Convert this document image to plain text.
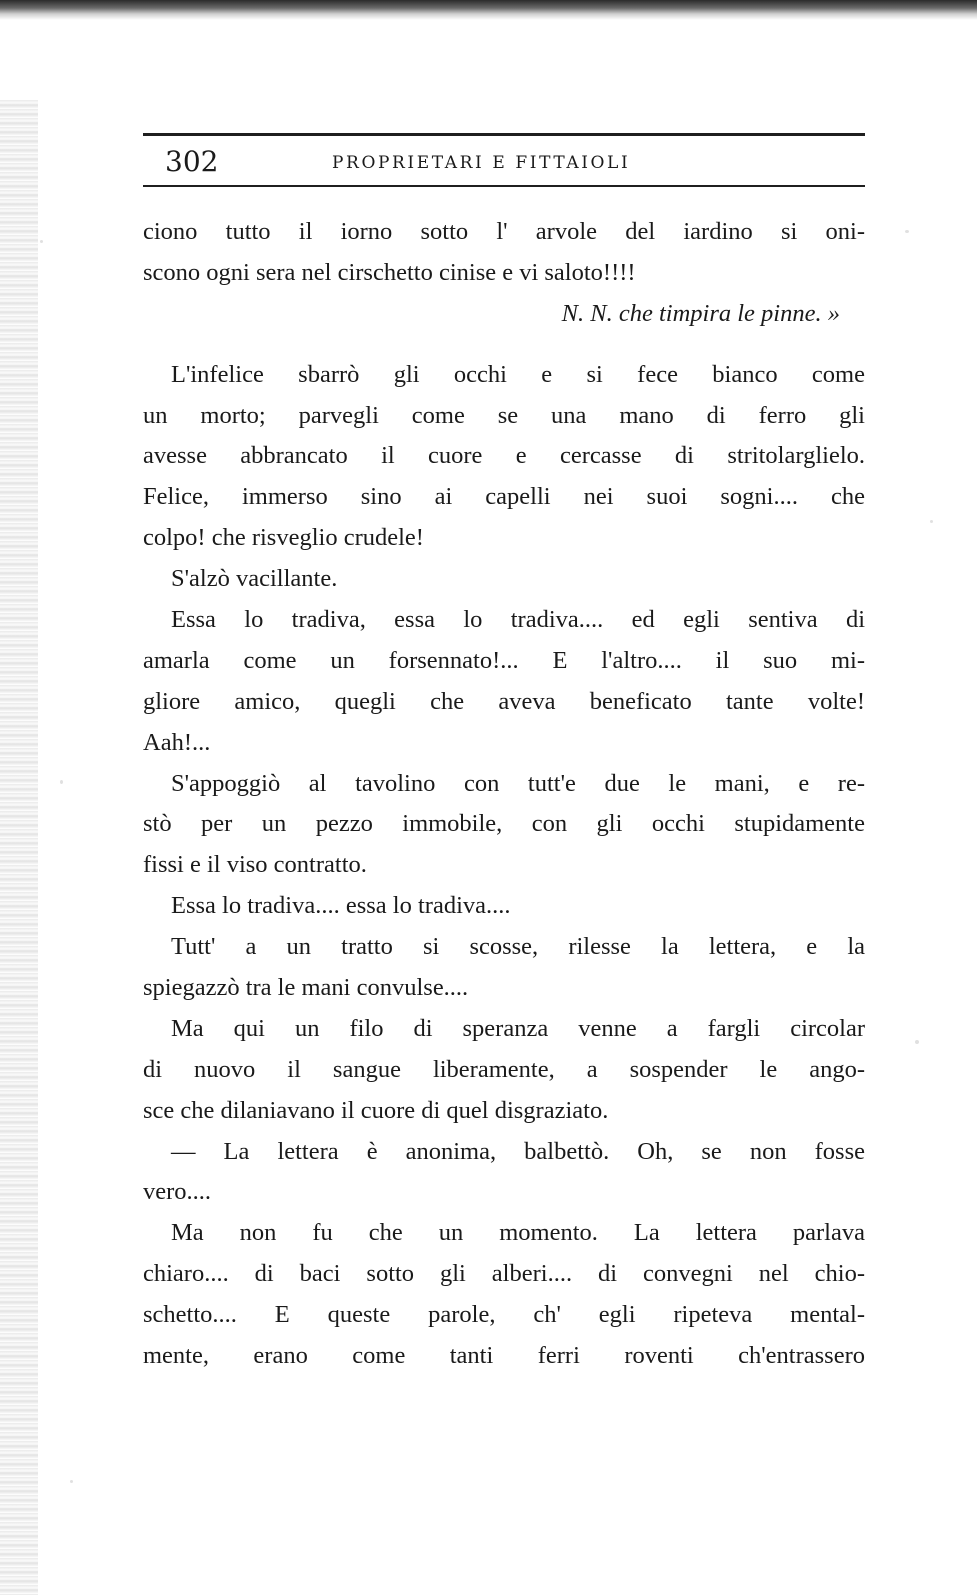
302	PROPRIETARI E FITTAIOLI
ciono tutto il iorno sotto l' arvole del iardino si oni-
scono ogni sera nel cirschetto cinise e vi saloto!!!!
N. N. che timpira le pinne. »
L'infelice sbarrò gli occhi e si fece bianco come
un morto; parvegli come se una mano di ferro gli
avesse abbrancato il cuore e cercasse di stritolarglielo.
Felice, immerso sino ai capelli nei suoi sogni.... che
colpo! che risveglio crudele!
S'alzò vacillante.
Essa lo tradiva, essa lo tradiva.... ed egli sentiva di
amarla come un forsennato!... E l'altro.... il suo mi-
gliore amico, quegli che aveva beneficato tante volte!
Aah!...
S'appoggiò al tavolino con tutt'e due le mani, e re-
stò per un pezzo immobile, con gli occhi stupidamente
fissi e il viso contratto.
Essa lo tradiva.... essa lo tradiva....
Tutt' a un tratto si scosse, rilesse la lettera, e la
spiegazzò tra le mani convulse....
Ma qui un filo di speranza venne a fargli circolar
di nuovo il sangue liberamente, a sospender le ango-
sce che dilaniavano il cuore di quel disgraziato.
— La lettera è anonima, balbettò. Oh, se non fosse
vero....
Ma non fu che un momento. La lettera parlava
chiaro.... di baci sotto gli alberi.... di convegni nel chio-
schetto.... E queste parole, ch' egli ripeteva mental-
mente, erano come tanti ferri roventi ch'entrassero
